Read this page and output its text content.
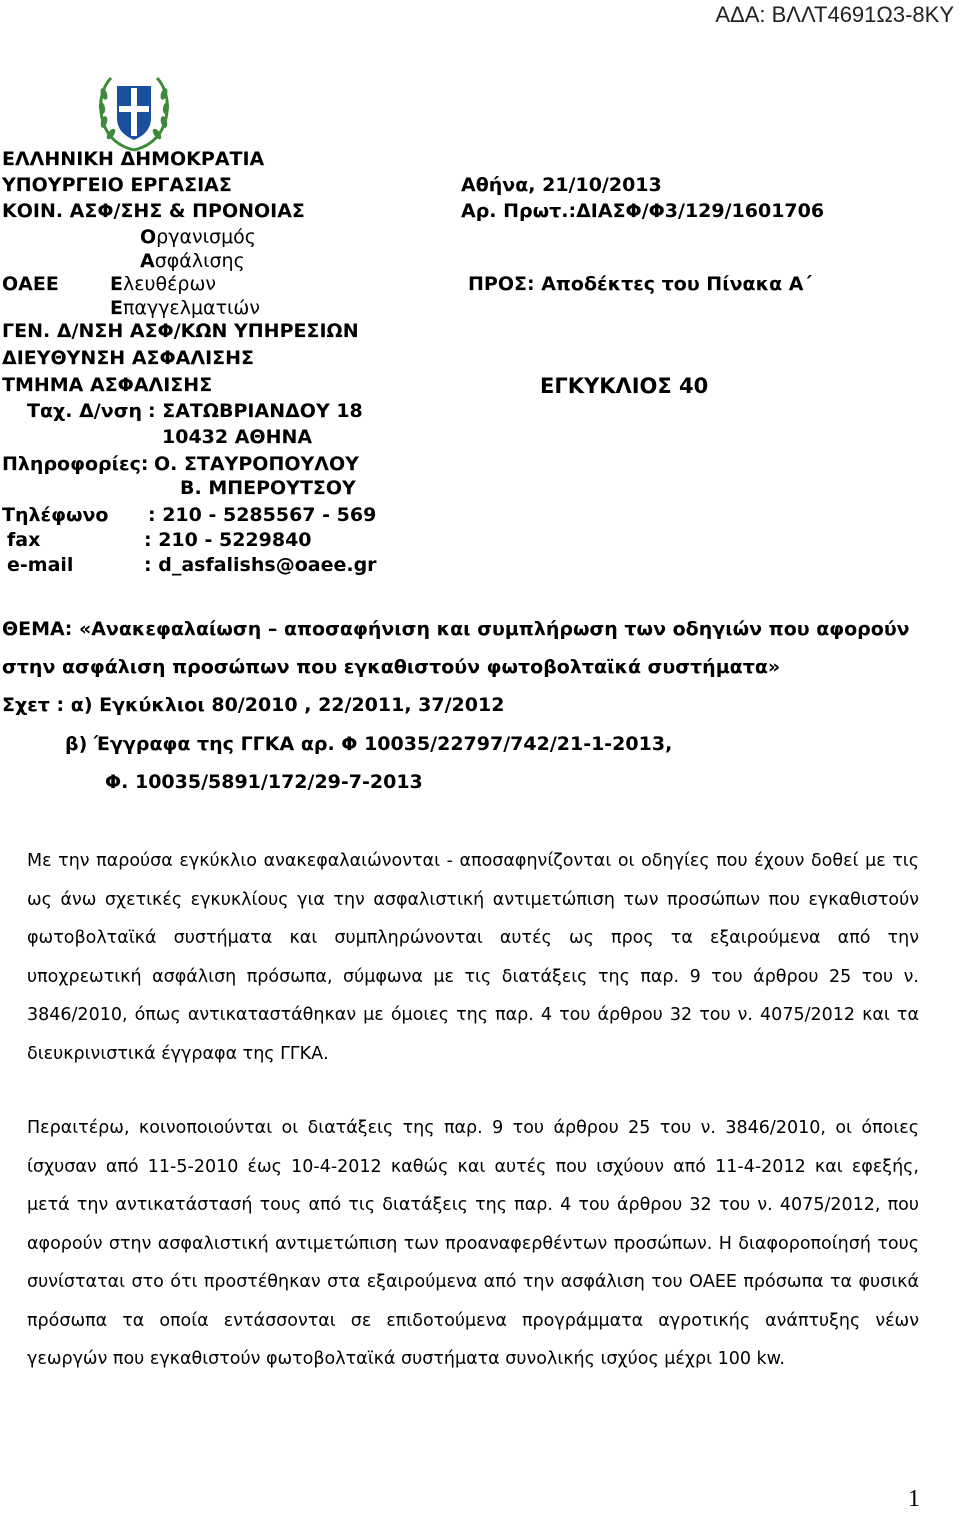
ΑΔΑ: ΒΛΛΤ4691Ω3-8ΚΥ
ΕΛΛΗΝΙΚΗ ΔΗΜΟΚΡΑΤΙΑ
ΥΠΟΥΡΓΕΙΟ ΕΡΓΑΣΙΑΣ
ΚΟΙΝ. ΑΣΦ/ΣΗΣ & ΠΡΟΝΟΙΑΣ
Οργανισμός
Ασφάλισης
ΟΑΕΕ	Ελευθέρων
Επαγγελματιών
ΓΕΝ. Δ/ΝΣΗ ΑΣΦ/ΚΩΝ ΥΠΗΡΕΣΙΩΝ
ΔΙΕΥΘΥΝΣΗ ΑΣΦΑΛΙΣΗΣ
ΤΜΗΜΑ ΑΣΦΑΛΙΣΗΣ
Ταχ. Δ/νση : ΣΑΤΩΒΡΙΑΝΔΟΥ 18
10432 ΑΘΗΝΑ
Πληροφορίες: Ο. ΣΤΑΥΡΟΠΟΥΛΟΥ
Β. ΜΠΕΡΟΥΤΣΟΥ
Τηλέφωνο : 210 - 5285567 - 569
fax	: 210 - 5229840
e-mail	: d_asfalishs@oaee.gr
Αθήνα, 21/10/2013
Αρ. Πρωτ.:ΔΙΑΣΦ/Φ3/129/1601706
ΠΡΟΣ: Αποδέκτες του Πίνακα Α΄
ΕΓΚΥΚΛΙΟΣ 40
ΘΕΜΑ: «Ανακεφαλαίωση – αποσαφήνιση και συμπλήρωση των οδηγιών που αφορούν
στην ασφάλιση προσώπων που εγκαθιστούν φωτοβολταϊκά συστήματα»
Σχετ : α) Εγκύκλιοι 80/2010 , 22/2011, 37/2012
β) Έγγραφα της ΓΓΚΑ αρ. Φ 10035/22797/742/21-1-2013,
Φ. 10035/5891/172/29-7-2013
Με την παρούσα εγκύκλιο ανακεφαλαιώνονται - αποσαφηνίζονται οι οδηγίες που έχουν δοθεί με τις ως άνω σχετικές εγκυκλίους για την ασφαλιστική αντιμετώπιση των προσώπων που εγκαθιστούν φωτοβολταϊκά συστήματα και συμπληρώνονται αυτές ως προς τα εξαιρούμενα από την υποχρεωτική ασφάλιση πρόσωπα, σύμφωνα με τις διατάξεις της παρ. 9 του άρθρου 25 του ν. 3846/2010, όπως αντικαταστάθηκαν με όμοιες της παρ. 4 του άρθρου 32 του ν. 4075/2012 και τα διευκρινιστικά έγγραφα της ΓΓΚΑ.
Περαιτέρω, κοινοποιούνται οι διατάξεις της παρ. 9 του άρθρου 25 του ν. 3846/2010, οι όποιες ίσχυσαν από 11-5-2010 έως 10-4-2012 καθώς και αυτές που ισχύουν από 11-4-2012 και εφεξής, μετά την αντικατάστασή τους από τις διατάξεις της παρ. 4 του άρθρου 32 του ν. 4075/2012, που αφορούν στην ασφαλιστική αντιμετώπιση των προαναφερθέντων προσώπων. Η διαφοροποίησή τους συνίσταται στο ότι προστέθηκαν στα εξαιρούμενα από την ασφάλιση του ΟΑΕΕ πρόσωπα τα φυσικά πρόσωπα τα οποία εντάσσονται σε επιδοτούμενα προγράμματα αγροτικής ανάπτυξης νέων γεωργών που εγκαθιστούν φωτοβολταϊκά συστήματα συνολικής ισχύος μέχρι 100 kw.
1
